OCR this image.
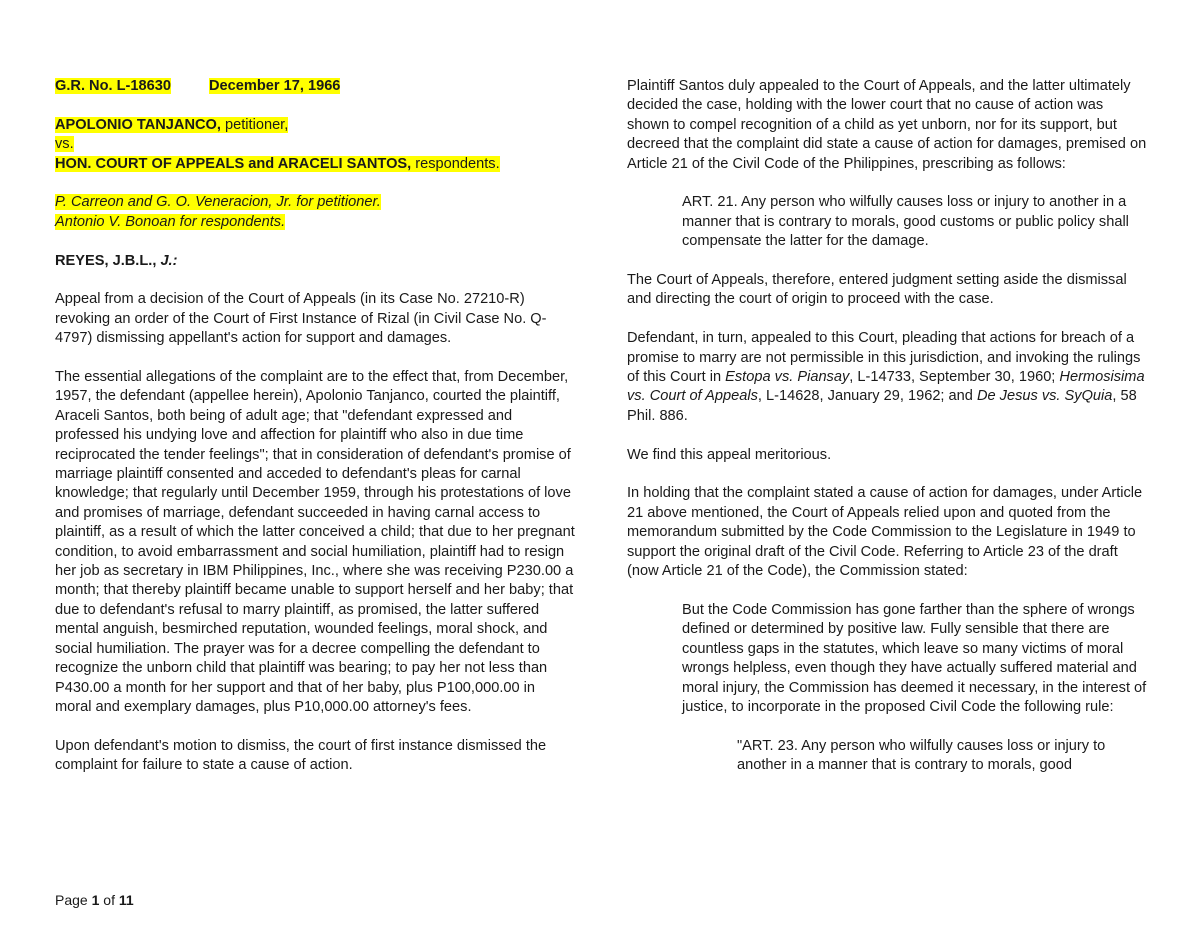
G.R. No. L-18630	December 17, 1966

APOLONIO TANJANCO, petitioner,

vs.

HON. COURT OF APPEALS and ARACELI SANTOS, respondents.

P. Carreon and G. O. Veneracion, Jr. for petitioner.

Antonio V. Bonoan for respondents.

REYES, J.B.L., J.:

Appeal from a decision of the Court of Appeals (in its Case No. 27210-R) revoking an order of the Court of First Instance of Rizal (in Civil Case No. Q-4797) dismissing appellant's action for support and damages.

The essential allegations of the complaint are to the effect that, from December, 1957, the defendant (appellee herein), Apolonio Tanjanco, courted the plaintiff, Araceli Santos, both being of adult age; that "defendant expressed and professed his undying love and affection for plaintiff who also in due time reciprocated the tender feelings"; that in consideration of defendant's promise of marriage plaintiff consented and acceded to defendant's pleas for carnal knowledge; that regularly until December 1959, through his protestations of love and promises of marriage, defendant succeeded in having carnal access to plaintiff, as a result of which the latter conceived a child; that due to her pregnant condition, to avoid embarrassment and social humiliation, plaintiff had to resign her job as secretary in IBM Philippines, Inc., where she was receiving P230.00 a month; that thereby plaintiff became unable to support herself and her baby; that due to defendant's refusal to marry plaintiff, as promised, the latter suffered mental anguish, besmirched reputation, wounded feelings, moral shock, and social humiliation. The prayer was for a decree compelling the defendant to recognize the unborn child that plaintiff was bearing; to pay her not less than P430.00 a month for her support and that of her baby, plus P100,000.00 in moral and exemplary damages, plus P10,000.00 attorney's fees.

Upon defendant's motion to dismiss, the court of first instance dismissed the complaint for failure to state a cause of action.

Plaintiff Santos duly appealed to the Court of Appeals, and the latter ultimately decided the case, holding with the lower court that no cause of action was shown to compel recognition of a child as yet unborn, nor for its support, but decreed that the complaint did state a cause of action for damages, premised on Article 21 of the Civil Code of the Philippines, prescribing as follows:

ART. 21. Any person who wilfully causes loss or injury to another in a manner that is contrary to morals, good customs or public policy shall compensate the latter for the damage.

The Court of Appeals, therefore, entered judgment setting aside the dismissal and directing the court of origin to proceed with the case.

Defendant, in turn, appealed to this Court, pleading that actions for breach of a promise to marry are not permissible in this jurisdiction, and invoking the rulings of this Court in Estopa vs. Piansay, L-14733, September 30, 1960; Hermosisima vs. Court of Appeals, L-14628, January 29, 1962; and De Jesus vs. SyQuia, 58 Phil. 886.

We find this appeal meritorious.

In holding that the complaint stated a cause of action for damages, under Article 21 above mentioned, the Court of Appeals relied upon and quoted from the memorandum submitted by the Code Commission to the Legislature in 1949 to support the original draft of the Civil Code. Referring to Article 23 of the draft (now Article 21 of the Code), the Commission stated:

But the Code Commission has gone farther than the sphere of wrongs defined or determined by positive law. Fully sensible that there are countless gaps in the statutes, which leave so many victims of moral wrongs helpless, even though they have actually suffered material and moral injury, the Commission has deemed it necessary, in the interest of justice, to incorporate in the proposed Civil Code the following rule:

"ART. 23. Any person who wilfully causes loss or injury to another in a manner that is contrary to morals, good

Page 1 of 11
